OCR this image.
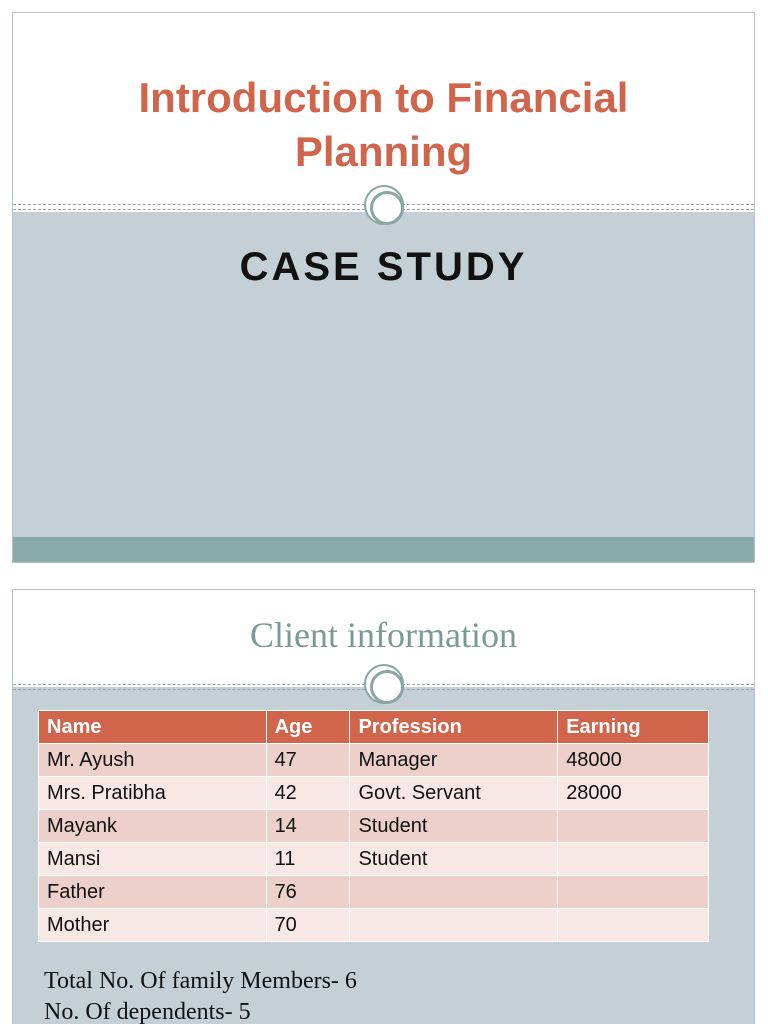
Introduction to Financial
Planning
CASE STUDY
Client information
Name	Age	Profession	Earning
Mr. Ayush	47	Manager	48000
Mrs. Pratibha	42	Govt. Servant	28000
Mayank	14	Student	
Mansi	11	Student	
Father	76		
Mother	70		
Total No. Of family Members- 6
No. Of dependents- 5
